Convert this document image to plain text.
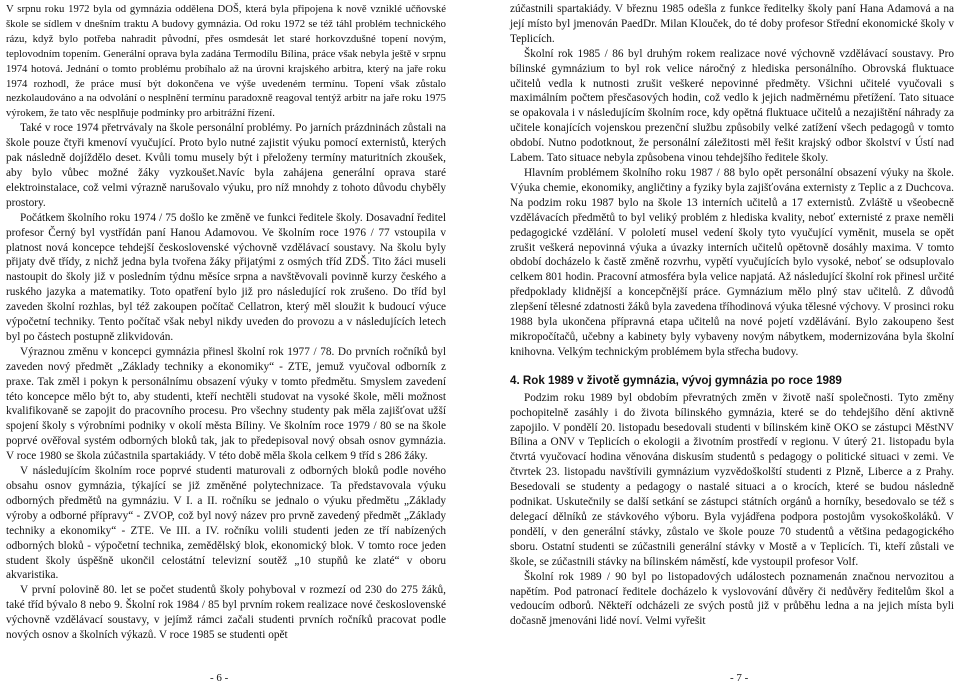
V srpnu roku 1972 byla od gymnázia oddělena DOŠ, která byla připojena k nově vzniklé učňovské škole se sídlem v dnešním traktu A budovy gymnázia. Od roku 1972 se též táhl problém technického rázu, když bylo potřeba nahradit původní, přes osmdesát let staré horkovzdušné topení novým, teplovodním topením. Generální oprava byla zadána Termodílu Bílina, práce však nebyla ještě v srpnu 1974 hotová. Jednání o tomto problému probíhalo až na úrovni krajského arbitra, který na jaře roku 1974 rozhodl, že práce musí být dokončena ve výše uvedeném termínu. Topení však zůstalo nezkolaudováno a na odvolání o nesplnění termínu paradoxně reagoval tentýž arbitr na jaře roku 1975 výrokem, že tato věc nesplňuje podmínky pro arbitrážní řízení.

Také v roce 1974 přetrvávaly na škole personální problémy. Po jarních prázdninách zůstali na škole pouze čtyři kmenoví vyučující. Proto bylo nutné zajistit výuku pomocí externistů, kterých pak následně dojíždělo deset. Kvůli tomu musely být i přeloženy termíny maturitních zkoušek, aby bylo vůbec možné žáky vyzkoušet.Navíc byla zahájena generální oprava staré elektroinstalace, což velmi výrazně narušovalo výuku, pro níž mnohdy z tohoto důvodu chyběly prostory.

Počátkem školního roku 1974 / 75 došlo ke změně ve funkci ředitele školy. Dosavadní ředitel profesor Černý byl vystřídán paní Hanou Adamovou. Ve školním roce 1976 / 77 vstoupila v platnost nová koncepce tehdejší československé výchovně vzdělávací soustavy. Na školu byly přijaty dvě třídy, z nichž jedna byla tvořena žáky přijatými z osmých tříd ZDŠ. Tito žáci museli nastoupit do školy již v posledním týdnu měsíce srpna a navštěvovali povinně kurzy českého a ruského jazyka a matematiky. Toto opatření bylo již pro následující rok zrušeno. Do tříd byl zaveden školní rozhlas, byl též zakoupen počítač Cellatron, který měl sloužit k budoucí výuce výpočetní techniky. Tento počítač však nebyl nikdy uveden do provozu a v následujících letech byl po částech postupně zlikvidován.

Výraznou změnu v koncepci gymnázia přinesl školní rok 1977 / 78. Do prvních ročníků byl zaveden nový předmět „Základy techniky a ekonomiky“ - ZTE, jemuž vyučoval odborník z praxe. Tak změl i pokyn k personálnímu obsazení výuky v tomto předmětu. Smyslem zavedení této koncepce mělo být to, aby studenti, kteří nechtěli studovat na vysoké škole, měli možnost kvalifikovaně se zapojit do pracovního procesu. Pro všechny studenty pak měla zajišťovat užší spojení školy s výrobními podniky v okolí města Bíliny. Ve školním roce 1979 / 80 se na škole poprvé ověřoval systém odborných bloků tak, jak to předepisoval nový obsah osnov gymnázia. V roce 1980 se škola zúčastnila spartakiády. V této době měla škola celkem 9 tříd s 286 žáky.

V následujícím školním roce poprvé studenti maturovali z odborných bloků podle nového obsahu osnov gymnázia, týkající se již změněné polytechnizace. Ta představovala výuku odborných předmětů na gymnáziu. V I. a II. ročníku se jednalo o výuku předmětu „Základy výroby a odborné přípravy“ - ZVOP, což byl nový název pro prvně zavedený předmět „Základy techniky a ekonomiky“ - ZTE. Ve III. a IV. ročníku volili studenti jeden ze tří nabízených odborných bloků - výpočetní technika, zemědělský blok, ekonomický blok. V tomto roce jeden student školy úspěšně ukončil celostátní televizní soutěž „10 stupňů ke zlaté“ v oboru akvaristika.

V první polovině 80. let se počet studentů školy pohyboval v rozmezí od 230 do 275 žáků, také tříd bývalo 8 nebo 9. Školní rok 1984 / 85 byl prvním rokem realizace nové československé výchovně vzdělávací soustavy, v jejímž rámci začali studenti prvních ročníků pracovat podle nových osnov a školních výkazů. V roce 1985 se studenti opět

zúčastnili spartakiády. V březnu 1985 odešla z funkce ředitelky školy paní Hana Adamová a na její místo byl jmenován PaedDr. Milan Klouček, do té doby profesor Střední ekonomické školy v Teplicích.

Školní rok 1985 / 86 byl druhým rokem realizace nové výchovně vzdělávací soustavy. Pro bílinské gymnázium to byl rok velice náročný z hlediska personálního. Obrovská fluktuace učitelů vedla k nutnosti zrušit veškeré nepovinné předměty. Všichni učitelé vyučovali s maximálním počtem přesčasových hodin, což vedlo k jejich nadměrnému přetížení. Tato situace se opakovala i v následujícím školním roce, kdy opětná fluktuace učitelů a nezajištění náhrady za učitele konajících vojenskou prezenční službu způsobily velké zatížení všech pedagogů v tomto období. Nutno podotknout, že personální záležitosti měl řešit krajský odbor školství v Ústí nad Labem. Tato situace nebyla způsobena vinou tehdejšího ředitele školy.

Hlavním problémem školního roku 1987 / 88 bylo opět personální obsazení výuky na škole. Výuka chemie, ekonomiky, angličtiny a fyziky byla zajišťována externisty z Teplic a z Duchcova. Na podzim roku 1987 bylo na škole 13 interních učitelů a 17 externistů. Zvláště u všeobecně vzdělávacích předmětů to byl veliký problém z hlediska kvality, neboť externisté z praxe neměli pedagogické vzdělání. V pololetí musel vedení školy tyto vyučující vyměnit, musela se opět zrušit veškerá nepovinná výuka a úvazky interních učitelů opětovně dosáhly maxima. V tomto období docházelo k častě změně rozvrhu, vypětí vyučujících bylo vysoké, neboť se odsuplovalo celkem 801 hodin. Pracovní atmosféra byla velice napjatá. Až následující školní rok přinesl určité předpoklady klidnější a koncepčnější práce. Gymnázium mělo plný stav učitelů. Z důvodů zlepšení tělesné zdatnosti žáků byla zavedena tříhodinová výuka tělesné výchovy. V prosinci roku 1988 byla ukončena přípravná etapa učitelů na nové pojetí vzdělávání. Bylo zakoupeno šest mikropočítačů, učebny a kabinety byly vybaveny novým nábytkem, modernizována byla školní knihovna. Velkým technickým problémem byla střecha budovy.

4. Rok 1989 v životě gymnázia, vývoj gymnázia po roce 1989

Podzim roku 1989 byl obdobím převratných změn v životě naší společnosti. Tyto změny pochopitelně zasáhly i do života bílinského gymnázia, které se do tehdejšího dění aktivně zapojilo. V pondělí 20. listopadu besedovali studenti v bílinském kině OKO se zástupci MěstNV Bílina a ONV v Teplicích o ekologii a životním prostředí v regionu. V úterý 21. listopadu byla čtvrtá vyučovací hodina věnována diskusím studentů s pedagogy o politické situaci v zemi. Ve čtvrtek 23. listopadu navštívili gymnázium vyzvědoškolští studenti z Plzně, Liberce a z Prahy. Besedovali se studenty a pedagogy o nastalé situaci a o krocích, které se budou následně podnikat. Uskutečnily se další setkání se zástupci státních orgánů a horníky, besedovalo se též s delegací dělníků ze stávkového výboru. Byla vyjádřena podpora postojům vysokoškoláků. V pondělí, v den generální stávky, zůstalo ve škole pouze 70 studentů a většina pedagogického sboru. Ostatní studenti se zúčastnili generální stávky v Mostě a v Teplicích. Ti, kteří zůstali ve škole, se zúčastnili stávky na bílinském náměstí, kde vystoupil profesor Volf.

Školní rok 1989 / 90 byl po listopadových událostech poznamenán značnou nervozitou a napětím. Pod patronací ředitele docházelo k vyslovování důvěry či nedůvěry ředitelům škol a vedoucím odborů. Někteří odcházeli ze svých postů již v průběhu ledna a na jejich místa byli dočasně jmenováni lidé noví. Velmi vyřešit

- 6 -	- 7 -
